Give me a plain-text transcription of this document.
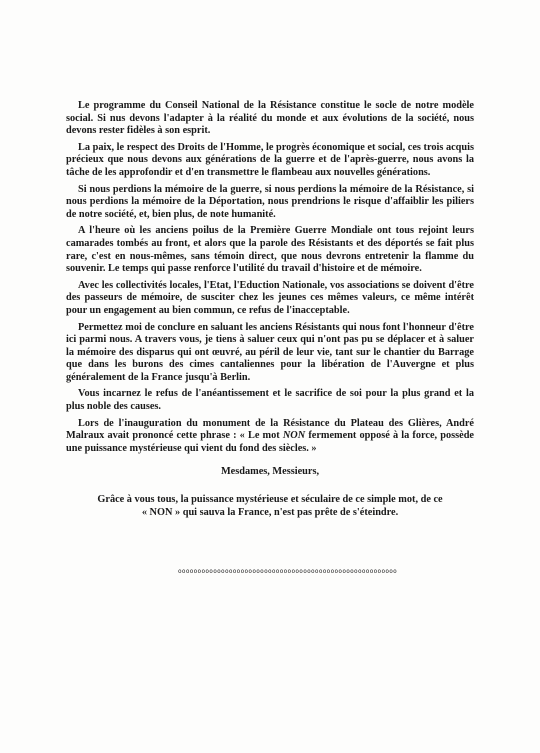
Le programme du Conseil National de la Résistance constitue le socle de notre modèle social. Si nus devons l'adapter à la réalité du monde et aux évolutions de la société, nous devons rester fidèles à son esprit.

La paix, le respect des Droits de l'Homme, le progrès économique et social, ces trois acquis précieux que nous devons aux générations de la guerre et de l'après-guerre, nous avons la tâche de les approfondir et d'en transmettre le flambeau aux nouvelles générations.

Si nous perdions la mémoire de la guerre, si nous perdions la mémoire de la Résistance, si nous perdions la mémoire de la Déportation, nous prendrions le risque d'affaiblir les piliers de notre société, et, bien plus, de note humanité.

A l'heure où les anciens poilus de la Première Guerre Mondiale ont tous rejoint leurs camarades tombés au front, et alors que la parole des Résistants et des déportés se fait plus rare, c'est en nous-mêmes, sans témoin direct, que nous devrons entretenir la flamme du souvenir. Le temps qui passe renforce l'utilité du travail d'histoire et de mémoire.

Avec les collectivités locales, l'Etat, l'Eduction Nationale, vos associations se doivent d'être des passeurs de mémoire, de susciter chez les jeunes ces mêmes valeurs, ce même intérêt pour un engagement au bien commun, ce refus de l'inacceptable.

Permettez moi de conclure en saluant les anciens Résistants qui nous font l'honneur d'être ici parmi nous. A travers vous, je tiens à saluer ceux qui n'ont pas pu se déplacer et à saluer la mémoire des disparus qui ont œuvré, au péril de leur vie, tant sur le chantier du Barrage que dans les burons des cimes cantaliennes pour la libération de l'Auvergne et plus généralement de la France jusqu'à Berlin.

Vous incarnez le refus de l'anéantissement et le sacrifice de soi pour la plus grand et la plus noble des causes.

Lors de l'inauguration du monument de la Résistance du Plateau des Glières, André Malraux avait prononcé cette phrase : « Le mot NON fermement opposé à la force, possède une puissance mystérieuse qui vient du fond des siècles. »

Mesdames, Messieurs,
Grâce à vous tous, la puissance mystérieuse et séculaire de ce simple mot, de ce
« NON » qui sauva la France, n'est pas prête de s'éteindre.
oooooooooooooooooooooooooooooooooooooooooooooooooooooooo
